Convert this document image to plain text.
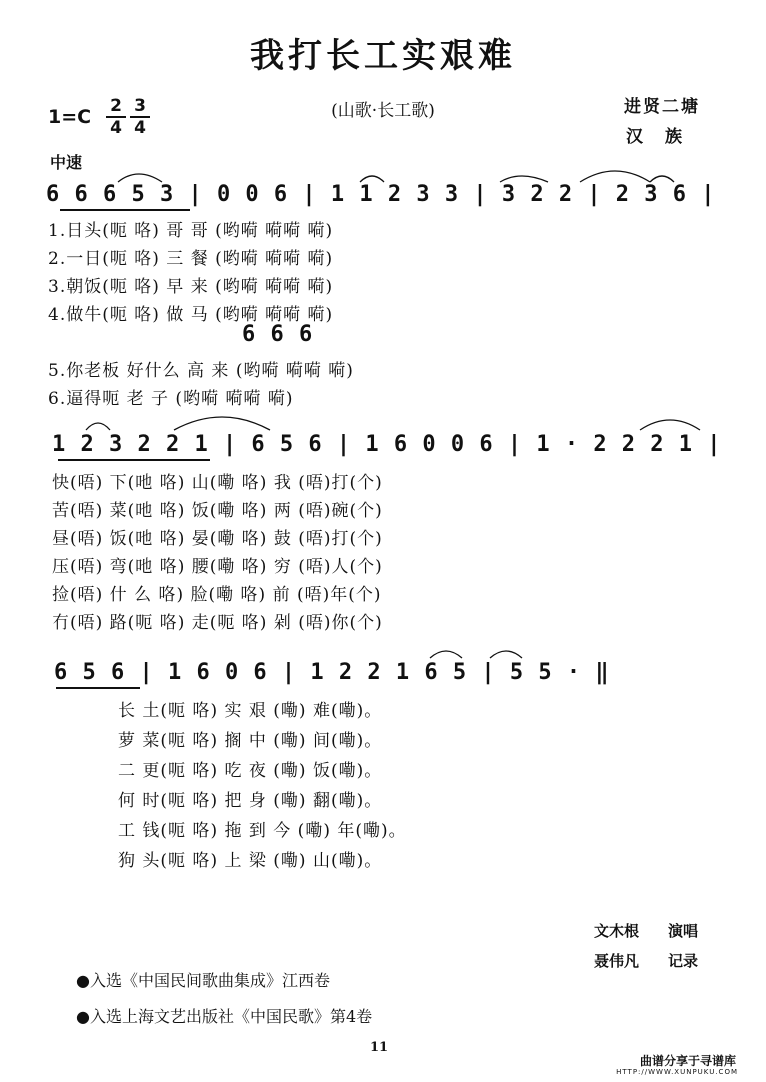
我打长工实艰难
(山歌·长工歌)
$1=C \frac{2}{4} \frac{3}{4}$
中速
进贤二塘
汉族
6 6 6 5 3 | 0 0 6 | 1 1 2 3 3 | 3 2 2 | 2 3 6 |
1.日头(呃 咯) 哥 哥 (哟嗬 嗬嗬 嗬)
2.一日(呃 咯) 三 餐 (哟嗬 嗬嗬 嗬)
3.朝饭(呃 咯) 早 来 (哟嗬 嗬嗬 嗬)
4.做牛(呃 咯) 做 马 (哟嗬 嗬嗬 嗬)
6 6 6
5.你老板 好什么 高 来 (哟嗬 嗬嗬 嗬)
6.逼得呃 老 子 (哟嗬 嗬嗬 嗬)
1 2 3 2 2 1 | 6 5 6 | 1 6 0 0 6 | 1 · 2 2 2 1 |
快(唔) 下(吔 咯) 山(嘞 咯) 我 (唔)打(个)
苦(唔) 菜(吔 咯) 饭(嘞 咯) 两 (唔)碗(个)
昼(唔) 饭(吔 咯) 晏(嘞 咯) 鼓 (唔)打(个)
压(唔) 弯(吔 咯) 腰(嘞 咯) 穷 (唔)人(个)
捡(唔) 什 么 咯) 脸(嘞 咯) 前 (唔)年(个)
冇(唔) 路(呃 咯) 走(呃 咯) 剁 (唔)你(个)
6 5 6 | 1 6 0 6 | 1 2 2 1 6 5 | 5 5 · ‖
长 土(呃 咯) 实 艰 (嘞) 难(嘞)。
萝 菜(呃 咯) 搁 中 (嘞) 间(嘞)。
二 更(呃 咯) 吃 夜 (嘞) 饭(嘞)。
何 时(呃 咯) 把 身 (嘞) 翻(嘞)。
工 钱(呃 咯) 拖 到 今 (嘞) 年(嘞)。
狗 头(呃 咯) 上 梁 (嘞) 山(嘞)。
文木根 演唱
聂伟凡 记录
●入选《中国民间歌曲集成》江西卷
●入选上海文艺出版社《中国民歌》第4卷
11
曲谱分享于寻谱库
HTTP://WWW.XUNPUKU.COM
